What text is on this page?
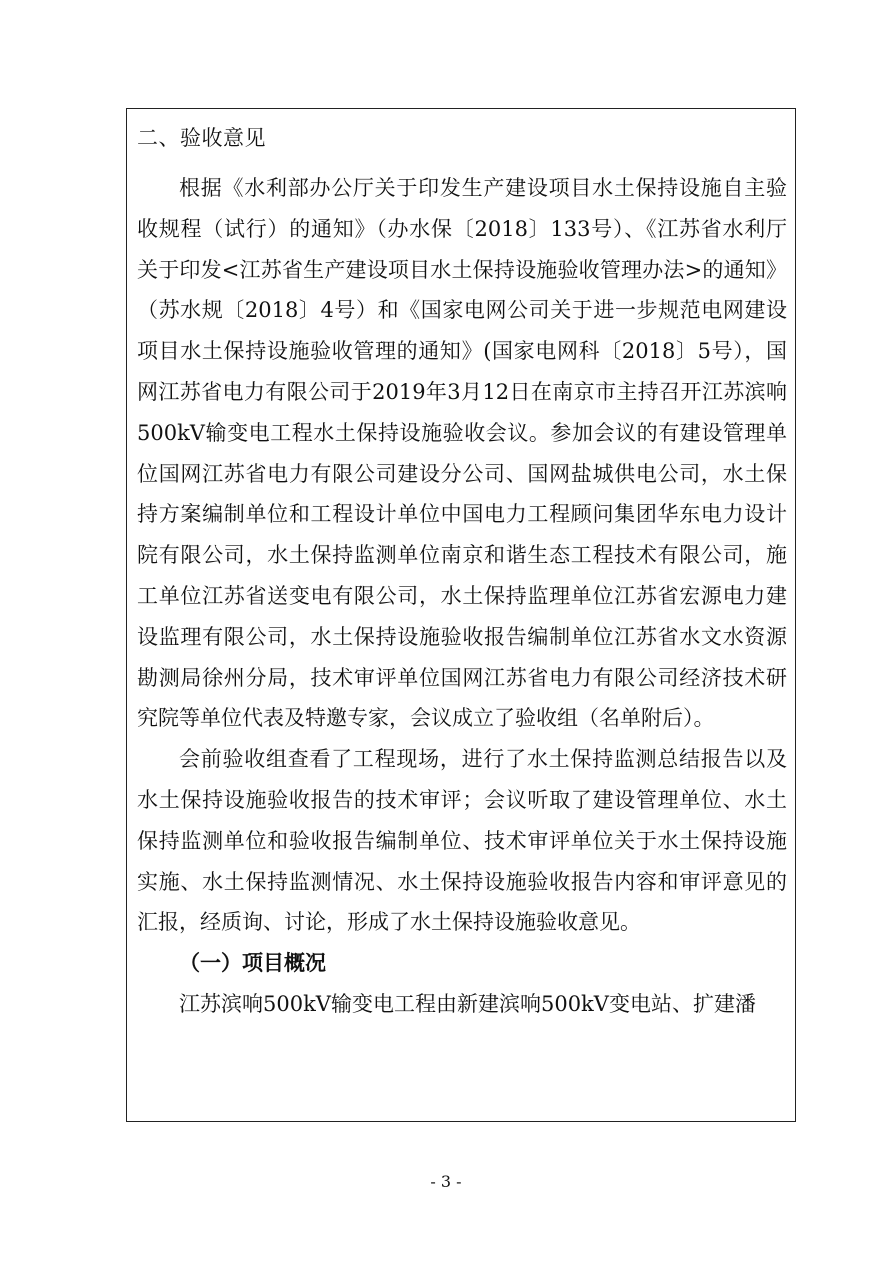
二、验收意见

根据《水利部办公厅关于印发生产建设项目水土保持设施自主验收规程（试行）的通知》（办水保〔2018〕133号）、《江苏省水利厅关于印发<江苏省生产建设项目水土保持设施验收管理办法>的通知》（苏水规〔2018〕4号）和《国家电网公司关于进一步规范电网建设项目水土保持设施验收管理的通知》(国家电网科〔2018〕5号），国网江苏省电力有限公司于2019年3月12日在南京市主持召开江苏滨响500kV输变电工程水土保持设施验收会议。参加会议的有建设管理单位国网江苏省电力有限公司建设分公司、国网盐城供电公司，水土保持方案编制单位和工程设计单位中国电力工程顾问集团华东电力设计院有限公司，水土保持监测单位南京和谐生态工程技术有限公司，施工单位江苏省送变电有限公司，水土保持监理单位江苏省宏源电力建设监理有限公司，水土保持设施验收报告编制单位江苏省水文水资源勘测局徐州分局，技术审评单位国网江苏省电力有限公司经济技术研究院等单位代表及特邀专家，会议成立了验收组（名单附后）。

会前验收组查看了工程现场，进行了水土保持监测总结报告以及水土保持设施验收报告的技术审评；会议听取了建设管理单位、水土保持监测单位和验收报告编制单位、技术审评单位关于水土保持设施实施、水土保持监测情况、水土保持设施验收报告内容和审评意见的汇报，经质询、讨论，形成了水土保持设施验收意见。

（一）项目概况

江苏滨响500kV输变电工程由新建滨响500kV变电站、扩建潘

- 3 -
